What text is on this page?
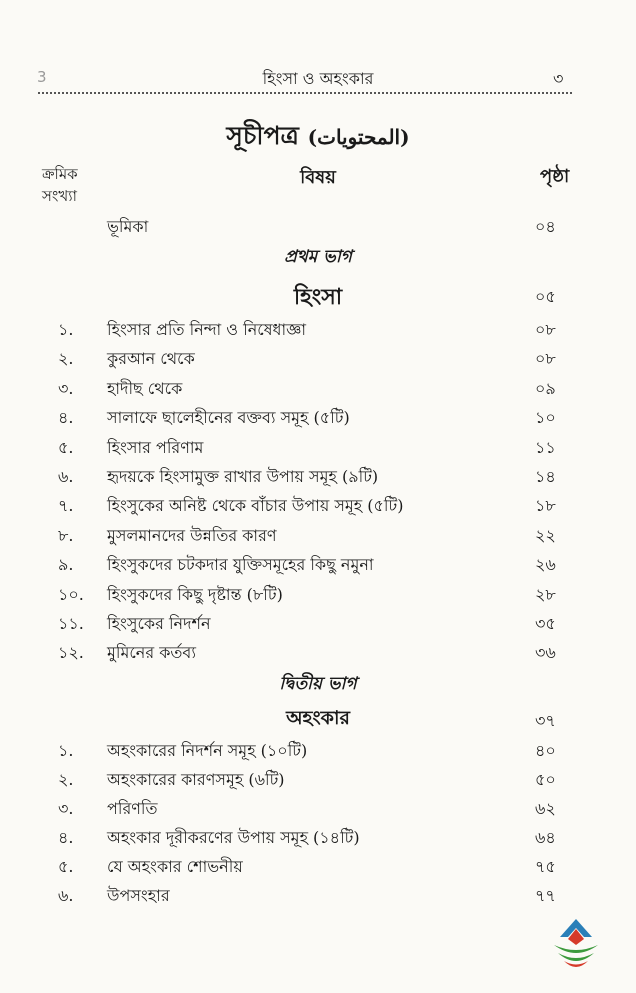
3	হিংসা ও অহংকার	৩
সূচীপত্র (المحتويات)
ক্রমিক
সংখ্যা
বিষয়	পৃষ্ঠা
ভূমিকা	০৪
প্রথম ভাগ
হিংসা	০৫
১. হিংসার প্রতি নিন্দা ও নিষেধাজ্ঞা	০৮
২. কুরআন থেকে	০৮
৩. হাদীছ থেকে	০৯
৪. সালাফে ছালেহীনের বক্তব্য সমূহ (৫টি)	১০
৫. হিংসার পরিণাম	১১
৬. হৃদয়কে হিংসামুক্ত রাখার উপায় সমূহ (৯টি)	১৪
৭. হিংসুকের অনিষ্ট থেকে বাঁচার উপায় সমূহ (৫টি)	১৮
৮. মুসলমানদের উন্নতির কারণ	২২
৯. হিংসুকদের চটকদার যুক্তিসমূহের কিছু নমুনা	২৬
১০. হিংসুকদের কিছু দৃষ্টান্ত (৮টি)	২৮
১১. হিংসুকের নিদর্শন	৩৫
১২. মুমিনের কর্তব্য	৩৬
দ্বিতীয় ভাগ
অহংকার	৩৭
১. অহংকারের নিদর্শন সমূহ (১০টি)	৪০
২. অহংকারের কারণসমূহ (৬টি)	৫০
৩. পরিণতি	৬২
৪. অহংকার দূরীকরণের উপায় সমূহ (১৪টি)	৬৪
৫. যে অহংকার শোভনীয়	৭৫
৬. উপসংহার	৭৭
